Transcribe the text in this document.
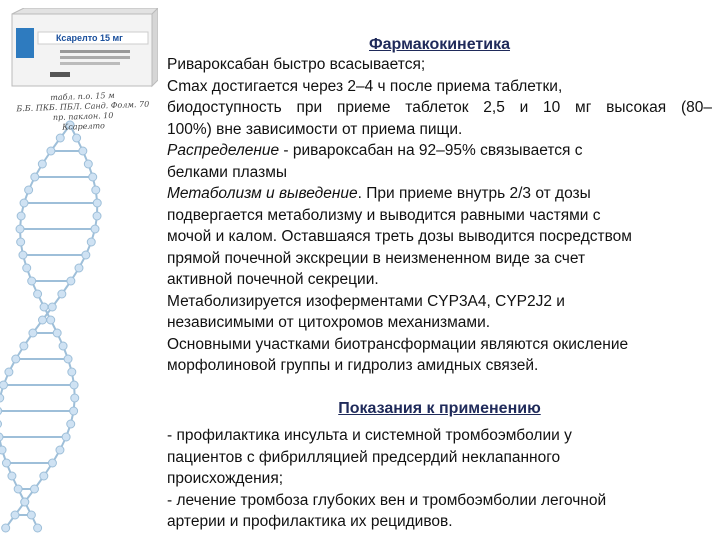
Ксарелто 15 мг
табл. п.о. 15 м
Б.Б. ПКБ. ПБЛ. Санд. Фолм. 70
пр. паклон. 10
Ксарелто
Фармакокинетика
Ривароксабан быстро всасывается;
Cmax достигается через 2–4 ч после приема таблетки,
биодоступность при приеме таблеток 2,5 и 10 мг высокая (80–
100%) вне зависимости от приема пищи.
Распределение - ривароксабан на 92–95% связывается с
белками плазмы
Метаболизм и выведение. При приеме внутрь 2/3 от дозы
подвергается метаболизму и выводится равными частями с
мочой и калом. Оставшаяся треть дозы выводится посредством
прямой почечной экскреции в неизмененном виде за счет
активной почечной секреции.
Метаболизируется изоферментами CYP3A4, CYP2J2 и
независимыми от цитохромов механизмами.
Основными участками биотрансформации являются окисление
морфолиновой группы и гидролиз амидных связей.
Показания к применению
- профилактика инсульта и системной тромбоэмболии у
пациентов с фибрилляцией предсердий неклапанного
происхождения;
- лечение тромбоза глубоких вен и тромбоэмболии легочной
артерии и профилактика их рецидивов.
